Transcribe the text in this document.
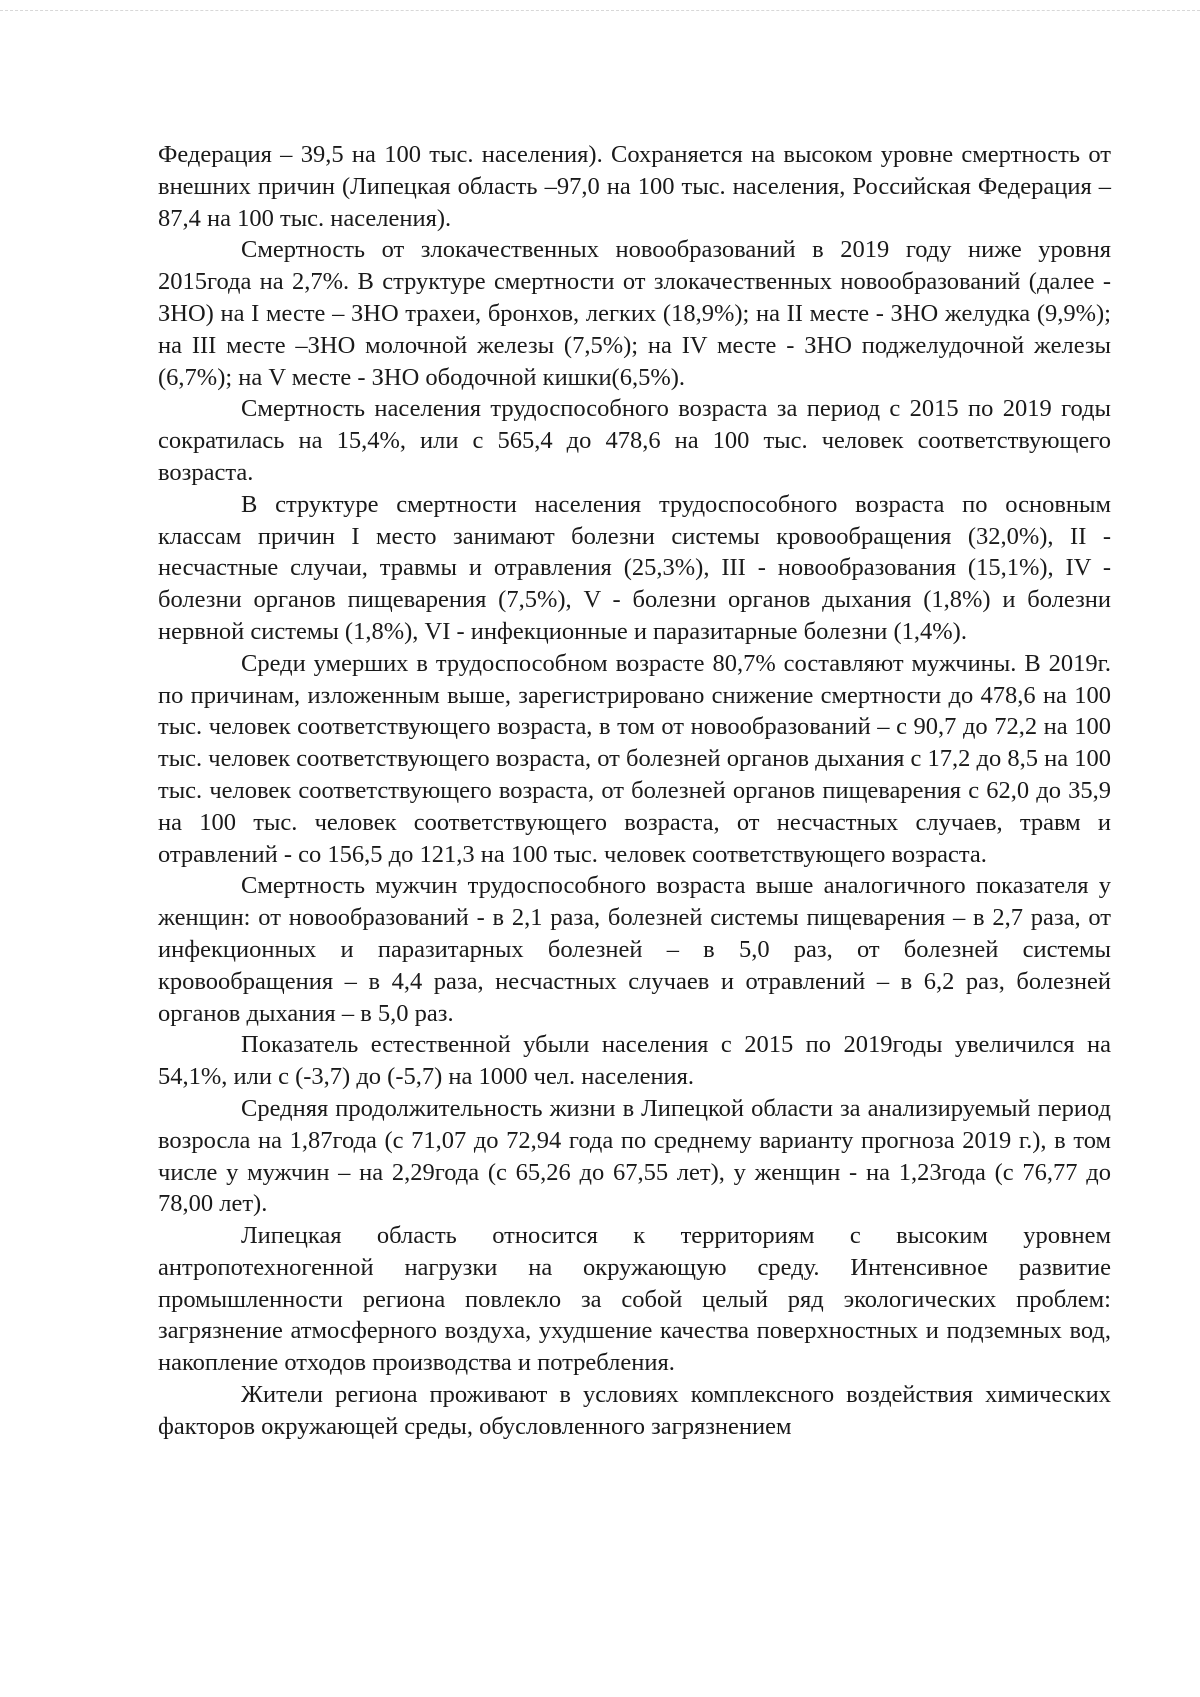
Федерация – 39,5 на 100 тыс. населения). Сохраняется на высоком уровне смертность от внешних причин (Липецкая область –97,0 на 100 тыс. населения, Российская Федерация – 87,4 на 100 тыс. населения).

Смертность от злокачественных новообразований в 2019 году ниже уровня 2015года на 2,7%. В структуре смертности от злокачественных новообразований (далее - ЗНО) на I месте – ЗНО трахеи, бронхов, легких (18,9%); на II месте - ЗНО желудка (9,9%); на III месте –ЗНО молочной железы (7,5%); на IV месте - ЗНО поджелудочной железы (6,7%); на V месте - ЗНО ободочной кишки(6,5%).

Смертность населения трудоспособного возраста за период с 2015 по 2019 годы сократилась на 15,4%, или с 565,4 до 478,6 на 100 тыс. человек соответствующего возраста.

В структуре смертности населения трудоспособного возраста по основным классам причин I место занимают болезни системы кровообращения (32,0%), II - несчастные случаи, травмы и отравления (25,3%), III - новообразования (15,1%), IV - болезни органов пищеварения (7,5%), V - болезни органов дыхания (1,8%) и болезни нервной системы (1,8%), VI - инфекционные и паразитарные болезни (1,4%).

Среди умерших в трудоспособном возрасте 80,7% составляют мужчины. В 2019г. по причинам, изложенным выше, зарегистрировано снижение смертности до 478,6 на 100 тыс. человек соответствующего возраста, в том от новообразований – с 90,7 до 72,2 на 100 тыс. человек соответствующего возраста, от болезней органов дыхания с 17,2 до 8,5 на 100 тыс. человек соответствующего возраста, от болезней органов пищеварения с 62,0 до 35,9 на 100 тыс. человек соответствующего возраста, от несчастных случаев, травм и отравлений - со 156,5 до 121,3 на 100 тыс. человек соответствующего возраста.

Смертность мужчин трудоспособного возраста выше аналогичного показателя у женщин: от новообразований - в 2,1 раза, болезней системы пищеварения – в 2,7 раза, от инфекционных и паразитарных болезней – в 5,0 раз, от болезней системы кровообращения – в 4,4 раза, несчастных случаев и отравлений – в 6,2 раз, болезней органов дыхания – в 5,0 раз.

Показатель естественной убыли населения с 2015 по 2019годы увеличился на 54,1%, или с (-3,7) до (-5,7) на 1000 чел. населения.

Средняя продолжительность жизни в Липецкой области за анализируемый период возросла на 1,87года (с 71,07 до 72,94 года по среднему варианту прогноза 2019 г.), в том числе у мужчин – на 2,29года (с 65,26 до 67,55 лет), у женщин - на 1,23года (с 76,77 до 78,00 лет).

Липецкая область относится к территориям с высоким уровнем антропотехногенной нагрузки на окружающую среду. Интенсивное развитие промышленности региона повлекло за собой целый ряд экологических проблем: загрязнение атмосферного воздуха, ухудшение качества поверхностных и подземных вод, накопление отходов производства и потребления.

Жители региона проживают в условиях комплексного воздействия химических факторов окружающей среды, обусловленного загрязнением
